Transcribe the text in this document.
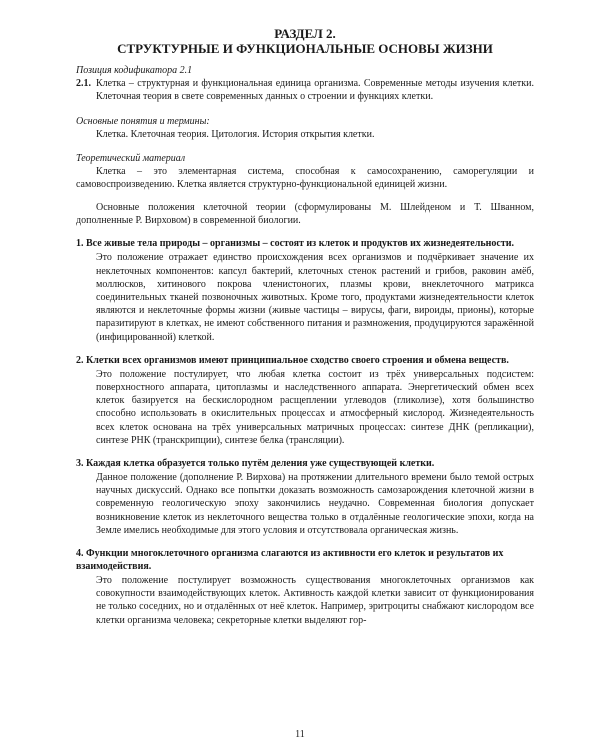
РАЗДЕЛ 2.
СТРУКТУРНЫЕ И ФУНКЦИОНАЛЬНЫЕ ОСНОВЫ ЖИЗНИ
Позиция кодификатора 2.1
2.1. Клетка – структурная и функциональная единица организма. Современные методы изучения клетки. Клеточная теория в свете современных данных о строении и функциях клетки.
Основные понятия и термины:
Клетка. Клеточная теория. Цитология. История открытия клетки.
Теоретический материал
Клетка – это элементарная система, способная к самосохранению, саморегуляции и самовоспроизведению. Клетка является структурно-функциональной единицей жизни.
Основные положения клеточной теории (сформулированы М. Шлейденом и Т. Шванном, дополненные Р. Вирховом) в современной биологии.
1. Все живые тела природы – организмы – состоят из клеток и продуктов их жизнедеятельности.
Это положение отражает единство происхождения всех организмов и подчёркивает значение их неклеточных компонентов: капсул бактерий, клеточных стенок растений и грибов, раковин амёб, моллюсков, хитинового покрова членистоногих, плазмы крови, внеклеточного матрикса соединительных тканей позвоночных животных. Кроме того, продуктами жизнедеятельности клеток являются и неклеточные формы жизни (живые частицы – вирусы, фаги, вироиды, прионы), которые паразитируют в клетках, не имеют собственного питания и размножения, продуцируются заражённой (инфицированной) клеткой.
2. Клетки всех организмов имеют принципиальное сходство своего строения и обмена веществ.
Это положение постулирует, что любая клетка состоит из трёх универсальных подсистем: поверхностного аппарата, цитоплазмы и наследственного аппарата. Энергетический обмен всех клеток базируется на бескислородном расщеплении углеводов (гликолизе), хотя большинство способно использовать в окислительных процессах и атмосферный кислород. Жизнедеятельность всех клеток основана на трёх универсальных матричных процессах: синтезе ДНК (репликации), синтезе РНК (транскрипции), синтезе белка (трансляции).
3. Каждая клетка образуется только путём деления уже существующей клетки.
Данное положение (дополнение Р. Вирхова) на протяжении длительного времени было темой острых научных дискуссий. Однако все попытки доказать возможность самозарождения клеточной жизни в современную геологическую эпоху закончились неудачно. Современная биология допускает возникновение клеток из неклеточного вещества только в отдалённые геологические эпохи, когда на Земле имелись необходимые для этого условия и отсутствовала органическая жизнь.
4. Функции многоклеточного организма слагаются из активности его клеток и результатов их взаимодействия.
Это положение постулирует возможность существования многоклеточных организмов как совокупности взаимодействующих клеток. Активность каждой клетки зависит от функционирования не только соседних, но и отдалённых от неё клеток. Например, эритроциты снабжают кислородом все клетки организма человека; секреторные клетки выделяют гор-
11
